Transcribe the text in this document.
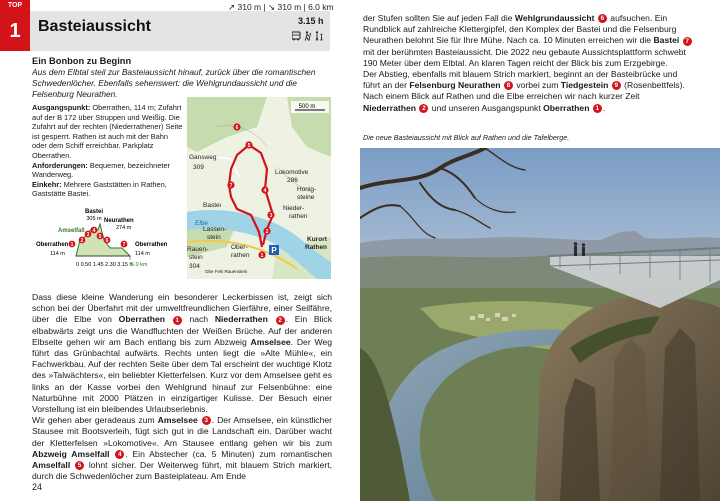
TOP
1	Basteiaussicht
↗ 310 m | ↘ 310 m | 6.0 km
3.15 h
Ein Bonbon zu Beginn
Aus dem Elbtal steil zur Basteiaussicht hinauf, zurück über die romantischen Schwedenlöcher. Ebenfalls sehenswert: die Wehlgrundaussicht und die Felsenburg Neurathen.
Ausgangspunkt: Oberrathen, 114 m; Zufahrt auf der B 172 über Struppen und Weißig. Die Zufahrt auf der rechten (Niederrathener) Seite ist gesperrt. Rathen ist auch mit der Bahn oder dem Schiff erreichbar. Parkplatz Oberrathen.
Anforderungen: Bequemer, bezeichneter Wanderweg.
Einkehr: Mehrere Gaststätten in Rathen, Gaststätte Bastei.
Bastei
305 m Neurathen
274 m
Amselfall
Oberrathen
114 m
Oberrathen
114 m
0 0.50 1.45 2.30 3.15 h
6.0 km
1
2
3
4
5
6
7
500 m
Gansweg
309
Lokomotive
286
Honig-
steine
Basteι
Elbe
Nieder-
rathen
Lassen-
stein
Rauen-
stein
304
Ober-
rathen
Kurort
Rathen
Obe Fels Rauenstein
P
1
2
3
4
5
6
7
Dass diese kleine Wanderung ein besonderer Leckerbissen ist, zeigt sich schon bei der Überfahrt mit der umweltfreundlichen Gierfähre, einer Seilfähre, über die Elbe von Oberrathen 1 nach Niederrathen 2 . Ein Blick elbabwärts zeigt uns die Wandfluchten der Weißen Brüche. Auf der anderen Elbseite gehen wir am Bach entlang bis zum Abzweig Amselsee. Der Weg führt das Grünbachtal aufwärts. Rechts unten liegt die »Alte Mühle«, ein Fachwerkbau. Auf der rechten Seite über dem Tal erscheint der wuchtige Klotz des »Talwächters«, ein beliebter Kletterfelsen. Kurz vor dem Amselsee geht es links an der Kasse vorbei den Wehlgrund hinauf zur Felsenbühne: eine Naturbühne mit 2000 Plätzen in einzigartiger Kulisse. Der Besuch einer Vorstellung ist ein bleibendes Urlaubserlebnis.
Wir gehen aber geradeaus zum Amselsee 3 . Der Amselsee, ein künstlicher Stausee mit Bootsverleih, fügt sich gut in die Landschaft ein. Darüber wacht der Kletterfelsen »Lokomotive«. Am Stausee entlang gehen wir bis zum Abzweig Amselfall 4 . Ein Abstecher (ca. 5 Minuten) zum romantischen Amselfall 5 lohnt sicher. Der Weiterweg führt, mit blauem Strich markiert, durch die Schwedenlöcher zum Basteiplateau. Am Ende
24
der Stufen sollten Sie auf jeden Fall die Wehlgrundaussicht 6 aufsuchen. Ein Rundblick auf zahlreiche Klettergipfel, den Komplex der Bastei und die Felsenburg Neurathen belohnt Sie für Ihre Mühe. Nach ca. 10 Minuten erreichen wir die Bastei 7 mit der berühmten Basteiaussicht. Die 2022 neu gebaute Aussichtsplattform schwebt 190 Meter über dem Elbtal. An klaren Tagen reicht der Blick bis zum Erzgebirge.
Der Abstieg, ebenfalls mit blauem Strich markiert, beginnt an der Basteibrücke und führt an der Felsenburg Neurathen 8 vorbei zum Tiedgestein 9 (Rosenbettfels). Nach einem Blick auf Rathen und die Elbe erreichen wir nach kurzer Zeit Niederrathen 2 und unseren Ausgangspunkt Oberrathen 1 .
Die neue Basteiaussicht mit Blick auf Rathen und die Tafelberge.
